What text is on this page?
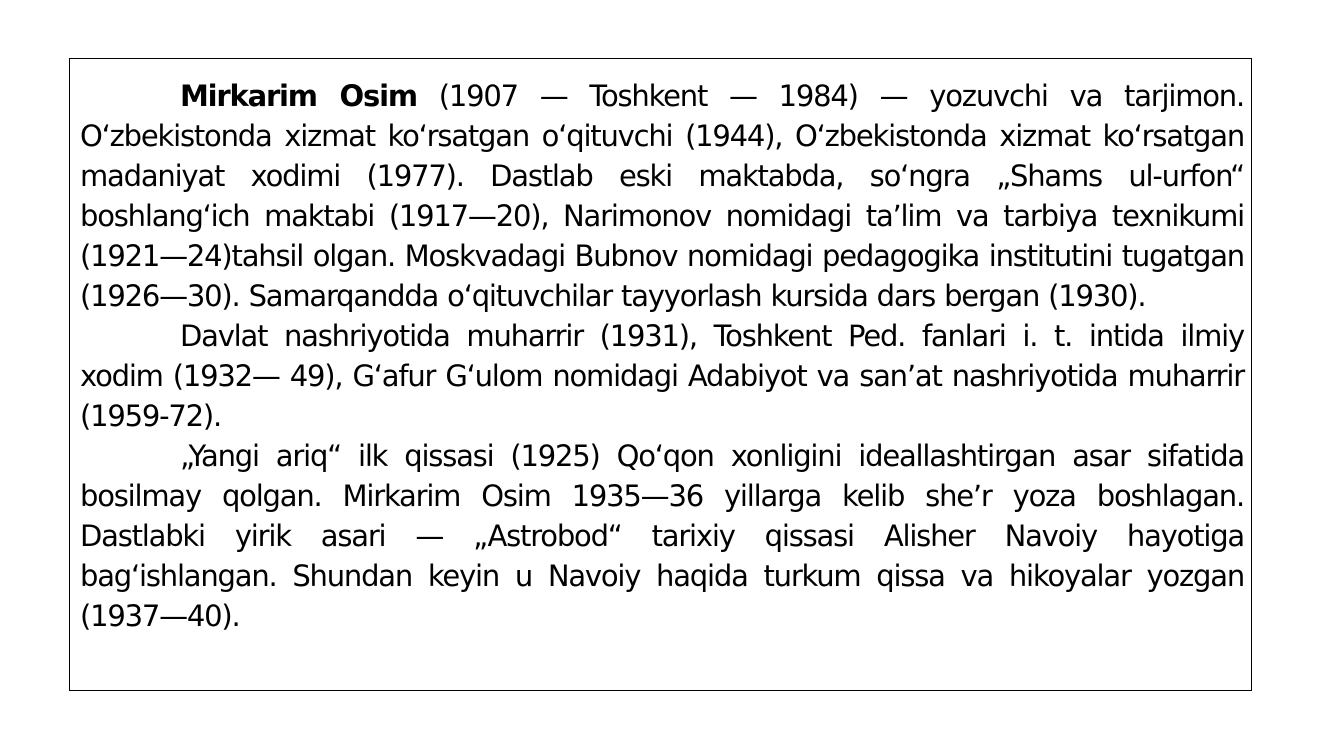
Mirkarim Osim (1907 — Toshkent — 1984) — yozuvchi va tarjimon. Oʻzbekistonda xizmat koʻrsatgan oʻqituvchi (1944), Oʻzbekistonda xizmat koʻrsatgan madaniyat xodimi (1977). Dastlab eski maktabda, soʻngra „Shams ul-urfon“ boshlangʻich maktabi (1917—20), Narimonov nomidagi taʼlim va tarbiya texnikumi (1921—24)tahsil olgan. Moskvadagi Bubnov nomidagi pedagogika institutini tugatgan (1926—30). Samarqandda oʻqituvchilar tayyorlash kursida dars bergan (1930).

Davlat nashriyotida muharrir (1931), Toshkent Ped. fanlari i. t. intida ilmiy xodim (1932— 49), Gʻafur Gʻulom nomidagi Adabiyot va sanʼat nashriyotida muharrir (1959-72).

„Yangi ariq“ ilk qissasi (1925) Qoʻqon xonligini ideallashtirgan asar sifatida bosilmay qolgan. Mirkarim Osim 1935—36 yillarga kelib sheʼr yoza boshlagan. Dastlabki yirik asari — „Astrobod“ tarixiy qissasi Alisher Navoiy hayotiga bagʻishlangan. Shundan keyin u Navoiy haqida turkum qissa va hikoyalar yozgan (1937—40).
